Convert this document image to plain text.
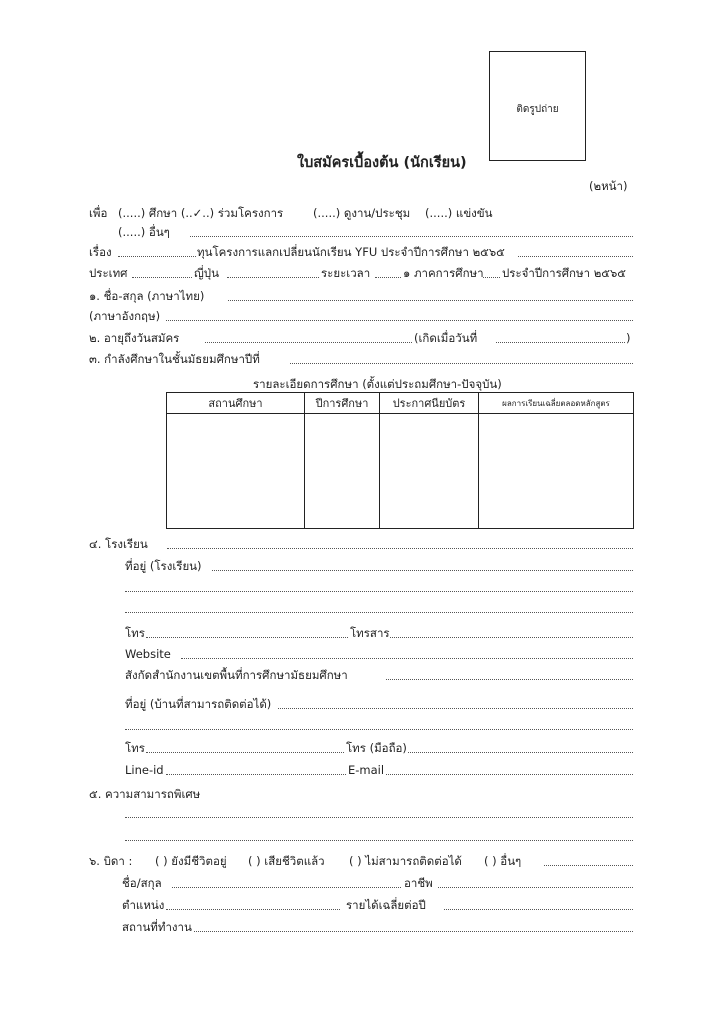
ติดรูปถ่าย
ใบสมัครเบื้องต้น (นักเรียน)
(๒หน้า)
เพื่อ (.....) ศึกษา (..✓..) ร่วมโครงการ	(.....) ดูงาน/ประชุม (.....) แข่งขัน
(.....) อื่นๆ
เรื่อง	ทุนโครงการแลกเปลี่ยนนักเรียน YFU ประจำปีการศึกษา ๒๕๖๕
ประเทศ	ญี่ปุ่น	ระยะเวลา	๑ ภาคการศึกษา ประจำปีการศึกษา ๒๕๖๕
๑. ชื่อ-สกุล (ภาษาไทย)
(ภาษาอังกฤษ)
๒. อายุถึงวันสมัคร	(เกิดเมื่อวันที่	)
๓. กำลังศึกษาในชั้นมัธยมศึกษาปีที่
รายละเอียดการศึกษา (ตั้งแต่ประถมศึกษา-ปัจจุบัน)
สถานศึกษา	ปีการศึกษา	ประกาศนียบัตร	ผลการเรียนเฉลี่ยตลอดหลักสูตร

๔. โรงเรียน
ที่อยู่ (โรงเรียน)
โทร	โทรสาร
Website
สังกัดสำนักงานเขตพื้นที่การศึกษามัธยมศึกษา
ที่อยู่ (บ้านที่สามารถติดต่อได้)
โทร	โทร (มือถือ)
Line-id	E-mail
๕. ความสามารถพิเศษ
๖. บิดา : ( ) ยังมีชีวิตอยู่ ( ) เสียชีวิตแล้ว ( ) ไม่สามารถติดต่อได้ ( ) อื่นๆ
ชื่อ/สกุล	อาชีพ
ตำแหน่ง	รายได้เฉลี่ยต่อปี
สถานที่ทำงาน
